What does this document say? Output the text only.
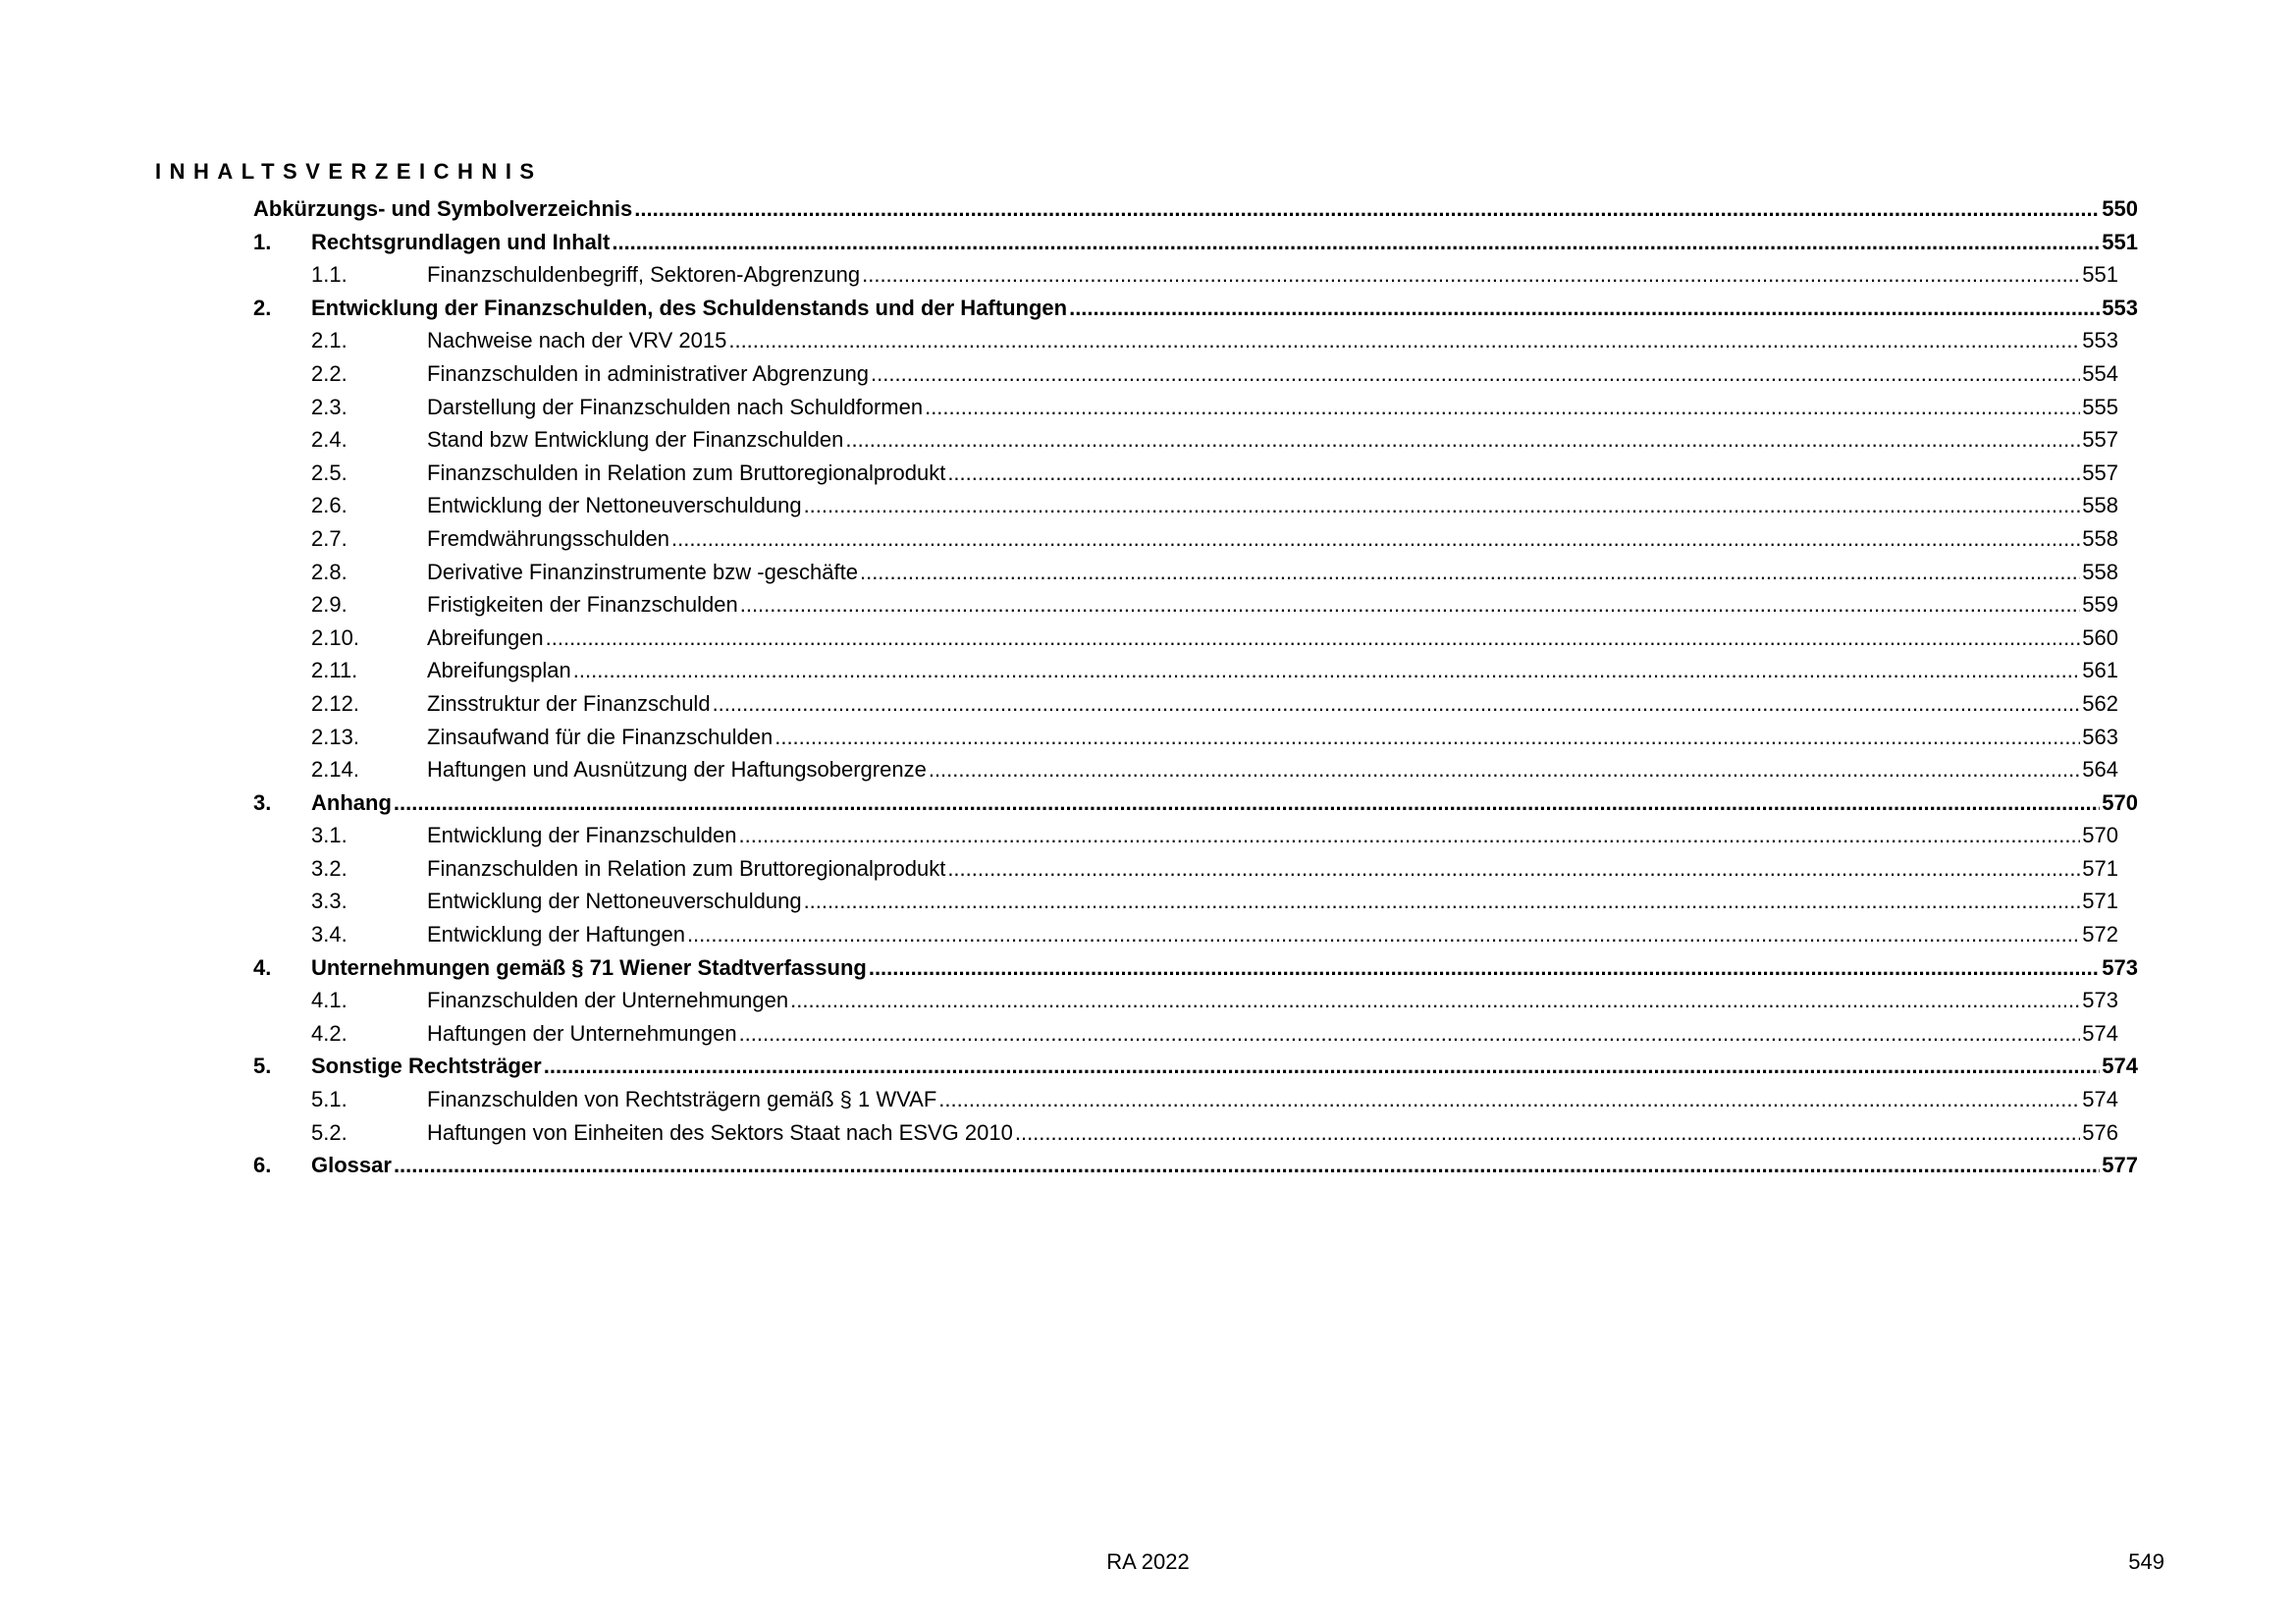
INHALTSVERZEICHNIS
Abkürzungs- und Symbolverzeichnis .....	550
1. Rechtsgrundlagen und Inhalt .....	551
1.1.	Finanzschuldenbegriff, Sektoren-Abgrenzung .....	551
2. Entwicklung der Finanzschulden, des Schuldenstands und der Haftungen .....	553
2.1.	Nachweise nach der VRV 2015 .....	553
2.2.	Finanzschulden in administrativer Abgrenzung .....	554
2.3.	Darstellung der Finanzschulden nach Schuldformen .....	555
2.4.	Stand bzw Entwicklung der Finanzschulden .....	557
2.5.	Finanzschulden in Relation zum Bruttoregionalprodukt .....	557
2.6.	Entwicklung der Nettoneuverschuldung .....	558
2.7.	Fremdwährungsschulden .....	558
2.8.	Derivative Finanzinstrumente bzw -geschäfte .....	558
2.9.	Fristigkeiten der Finanzschulden .....	559
2.10.	Abreifungen .....	560
2.11.	Abreifungsplan .....	561
2.12.	Zinsstruktur der Finanzschuld .....	562
2.13.	Zinsaufwand für die Finanzschulden .....	563
2.14.	Haftungen und Ausnützung der Haftungsobergrenze .....	564
3. Anhang .....	570
3.1.	Entwicklung der Finanzschulden .....	570
3.2.	Finanzschulden in Relation zum Bruttoregionalprodukt .....	571
3.3.	Entwicklung der Nettoneuverschuldung .....	571
3.4.	Entwicklung der Haftungen .....	572
4. Unternehmungen gemäß § 71 Wiener Stadtverfassung .....	573
4.1.	Finanzschulden der Unternehmungen .....	573
4.2.	Haftungen der Unternehmungen .....	574
5. Sonstige Rechtsträger .....	574
5.1.	Finanzschulden von Rechtsträgern gemäß § 1 WVAF .....	574
5.2.	Haftungen von Einheiten des Sektors Staat nach ESVG 2010 .....	576
6. Glossar .....	577
RA 2022	549
